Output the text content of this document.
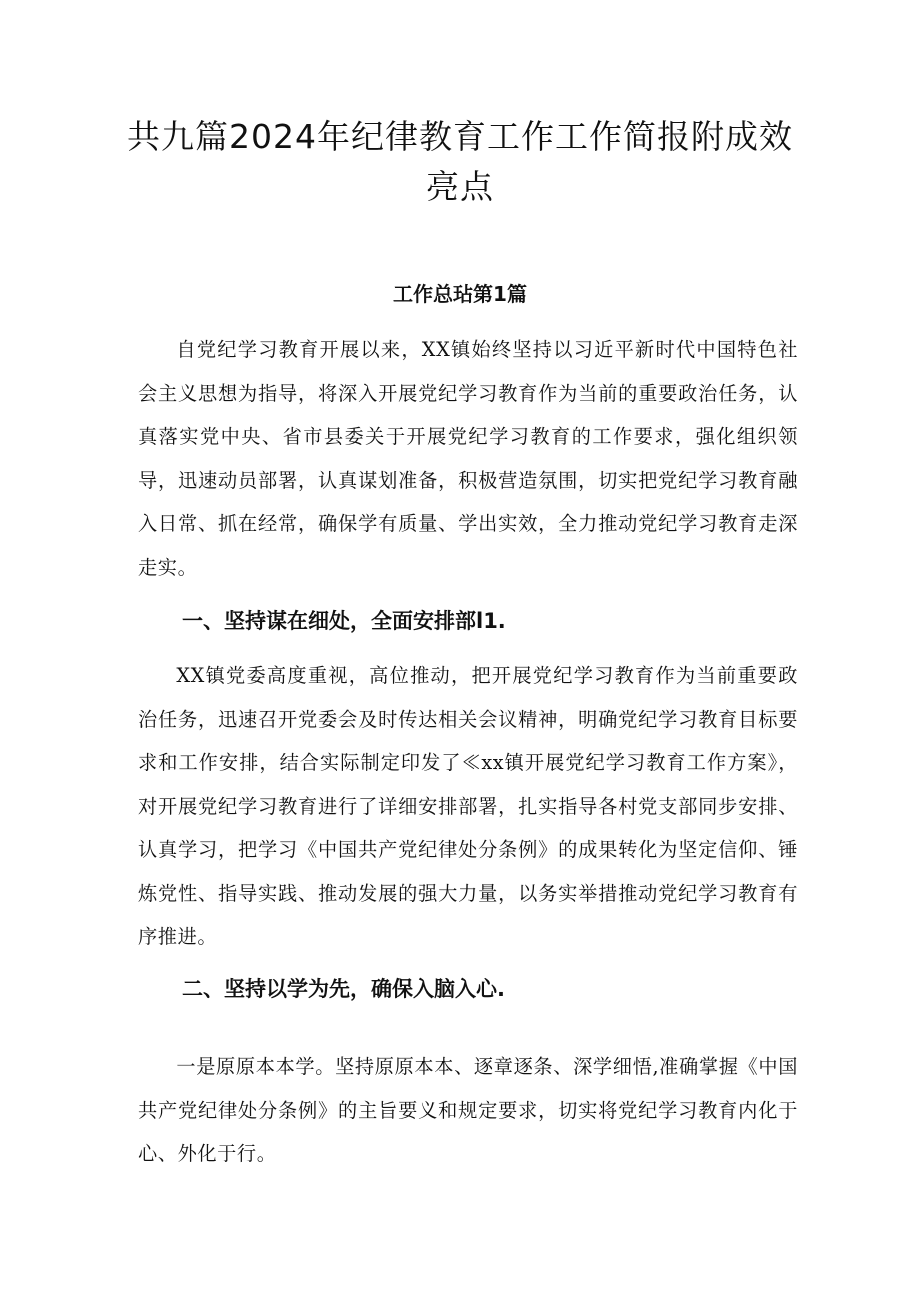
共九篇2024年纪律教育工作工作简报附成效亮点
工作总玷第1篇

自党纪学习教育开展以来，XX镇始终坚持以习近平新时代中国特色社会主义思想为指导，将深入开展党纪学习教育作为当前的重要政治任务，认真落实党中央、省市县委关于开展党纪学习教育的工作要求，强化组织领导，迅速动员部署，认真谋划准备，积极营造氛围，切实把党纪学习教育融入日常、抓在经常，确保学有质量、学出实效，全力推动党纪学习教育走深走实。

一、坚持谋在细处，全面安排部l1.

XX镇党委高度重视，高位推动，把开展党纪学习教育作为当前重要政治任务，迅速召开党委会及时传达相关会议精神，明确党纪学习教育目标要求和工作安排，结合实际制定印发了≪xx镇开展党纪学习教育工作方案》，对开展党纪学习教育进行了详细安排部署，扎实指导各村党支部同步安排、认真学习，把学习《中国共产党纪律处分条例》的成果转化为坚定信仰、锤炼党性、指导实践、推动发展的强大力量，以务实举措推动党纪学习教育有序推进。

二、坚持以学为先，确保入脑入心.

一是原原本本学。坚持原原本本、逐章逐条、深学细悟,准确掌握《中国共产党纪律处分条例》的主旨要义和规定要求，切实将党纪学习教育内化于心、外化于行。
